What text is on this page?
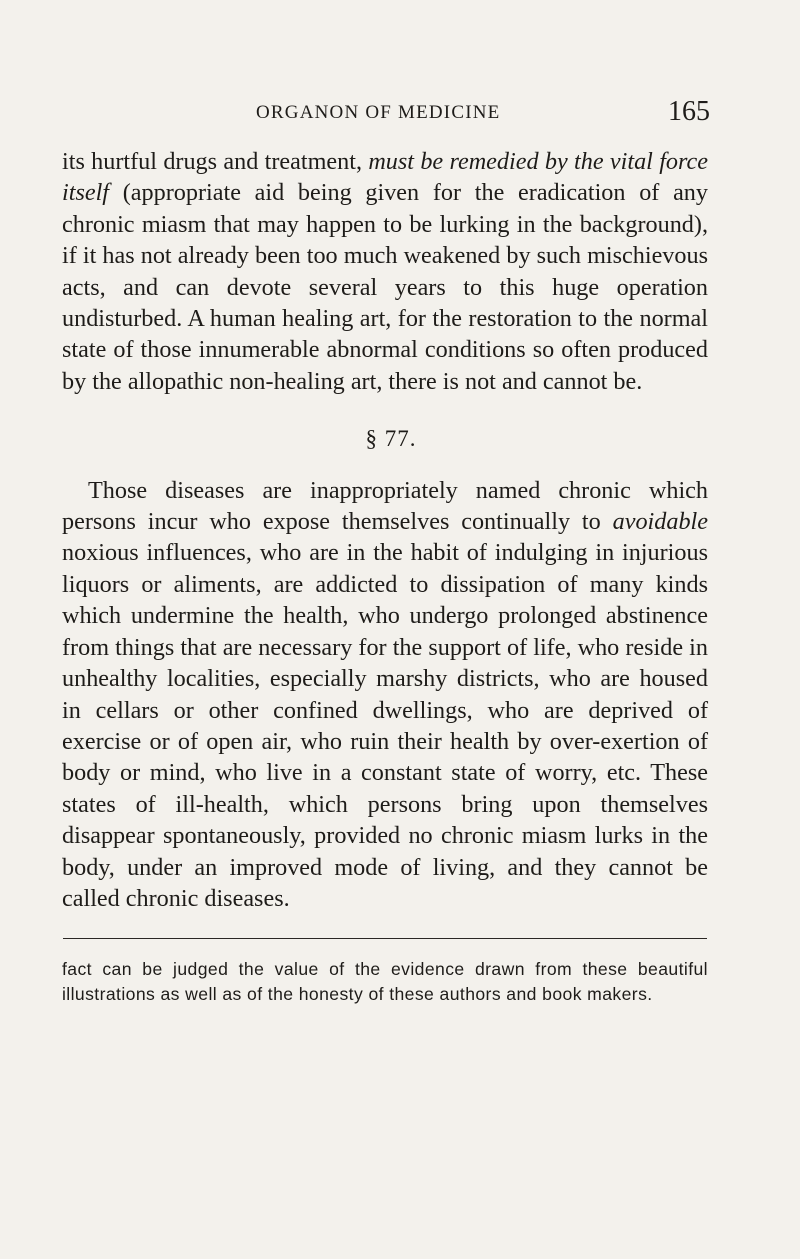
ORGANON OF MEDICINE	165

its hurtful drugs and treatment, must be remedied by the vital force itself (appropriate aid being given for the eradication of any chronic miasm that may happen to be lurking in the background), if it has not already been too much weakened by such mischievous acts, and can devote several years to this huge operation undisturbed. A human healing art, for the restoration to the normal state of those innumerable abnormal conditions so often produced by the allopathic non-healing art, there is not and cannot be.

§ 77.

Those diseases are inappropriately named chronic which persons incur who expose themselves continually to avoidable noxious influences, who are in the habit of indulging in injurious liquors or aliments, are addicted to dissipation of many kinds which undermine the health, who undergo prolonged abstinence from things that are necessary for the support of life, who reside in unhealthy localities, especially marshy districts, who are housed in cellars or other confined dwellings, who are deprived of exercise or of open air, who ruin their health by over-exertion of body or mind, who live in a constant state of worry, etc. These states of ill-health, which persons bring upon themselves disappear spontaneously, provided no chronic miasm lurks in the body, under an improved mode of living, and they cannot be called chronic diseases.

fact can be judged the value of the evidence drawn from these beautiful illustrations as well as of the honesty of these authors and book makers.
